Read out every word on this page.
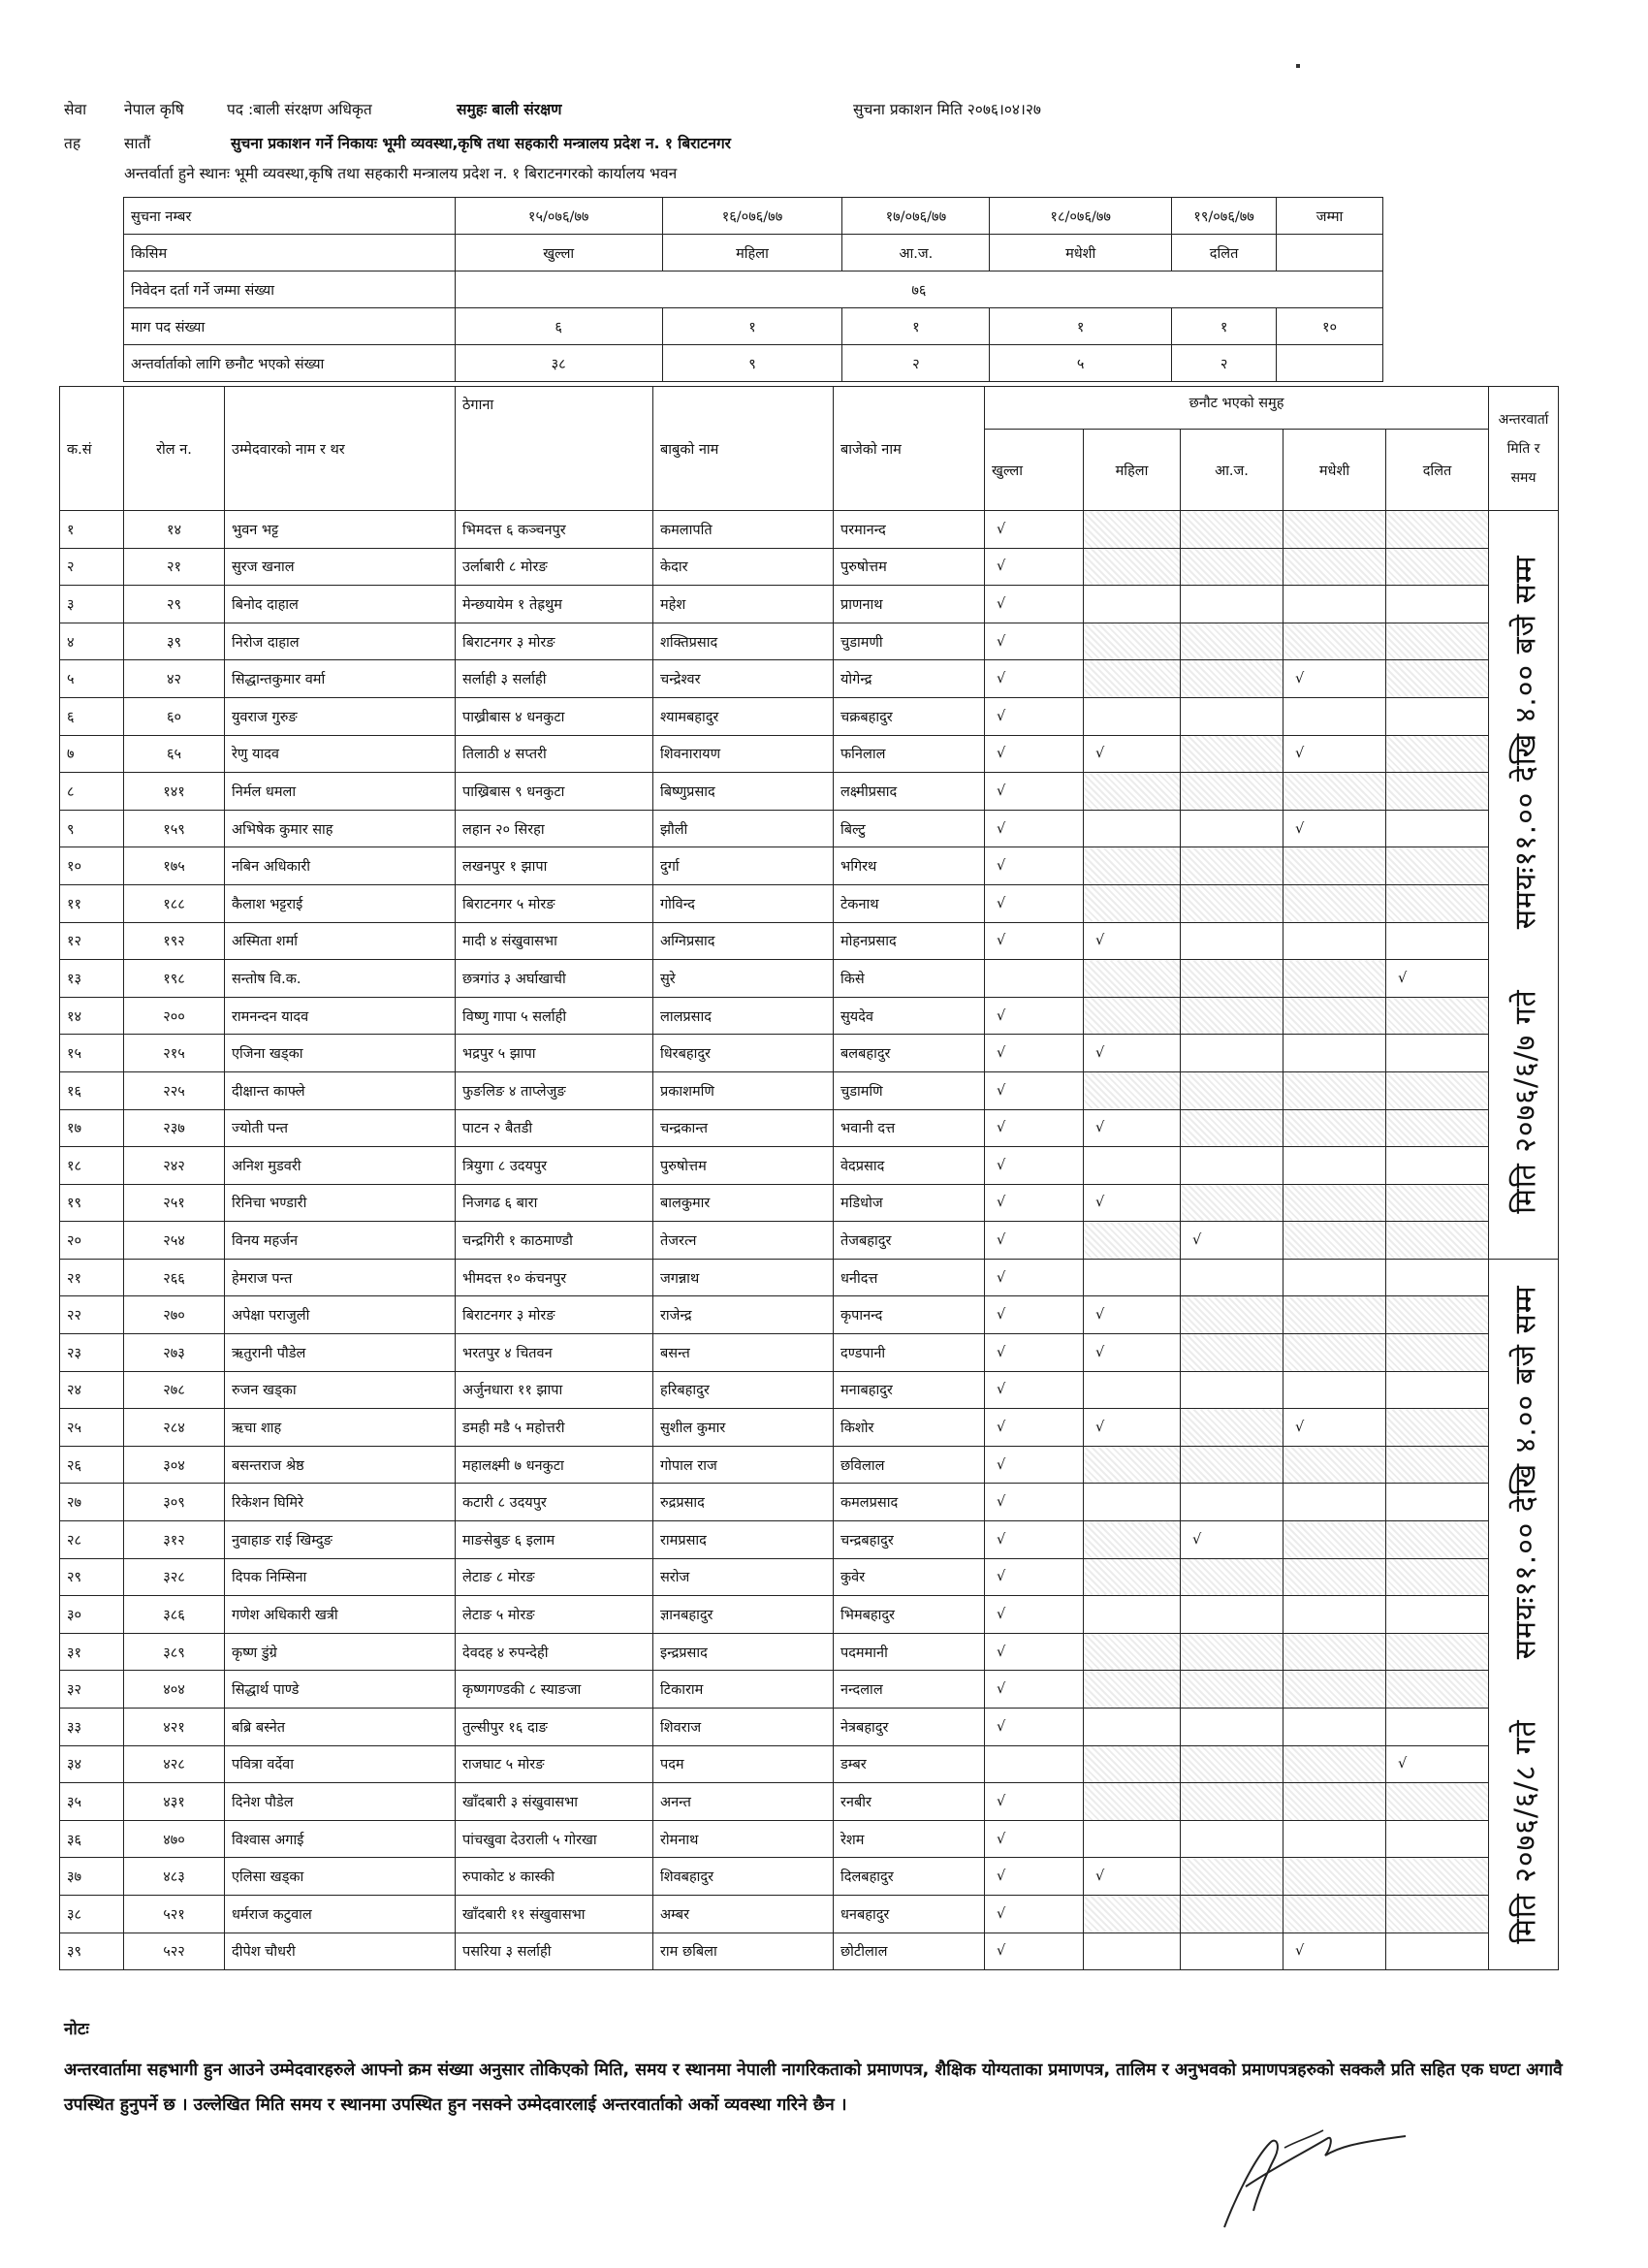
सेवा	नेपाल कृषि	पद :बाली संरक्षण अधिकृत	समुहः बाली संरक्षण	सुचना प्रकाशन मिति २०७६।०४।२७
तह	सातौं	सुचना प्रकाशन गर्ने निकायः भूमी व्यवस्था,कृषि तथा सहकारी मन्त्रालय प्रदेश न. १ बिराटनगर
अन्तर्वार्ता हुने स्थानः भूमी व्यवस्था,कृषि तथा सहकारी मन्त्रालय प्रदेश न. १ बिराटनगरको कार्यालय भवन
सुचना नम्बर	१५/०७६/७७	१६/०७६/७७	१७/०७६/७७	१८/०७६/७७	१९/०७६/७७	जम्मा
किसिम	खुल्ला	महिला	आ.ज.	मधेशी	दलित	
निवेदन दर्ता गर्ने जम्मा संख्या	७६					
माग पद संख्या	६	१	१	१	१	१०
अन्तर्वार्ताको लागि छनौट भएको संख्या	३८	९	२	५	२	
क.सं	रोल न.	उम्मेदवारको नाम र थर	ठेगाना	बाबुको नाम	बाजेको नाम	छनौट भएको समुह					अन्तरवार्ता मिति र समय
						खुल्ला	महिला	आ.ज.	मधेशी	दलित	
१	१४	भुवन भट्ट	भिमदत्त ६ कञ्चनपुर	कमलापति	परमानन्द	√					मिति २०७६/६/७ गते  समयः११.०० देखि ४.०० बजे सम्म

२	२१	सुरज खनाल	उर्लाबारी ८ मोरङ	केदार	पुरुषोत्तम	√					
३	२९	बिनोद दाहाल	मेन्छयायेम १ तेह्रथुम	महेश	प्राणनाथ	√					
४	३९	निरोज दाहाल	बिराटनगर ३ मोरङ	शक्तिप्रसाद	चुडामणी	√					
५	४२	सिद्धान्तकुमार वर्मा	सर्लाही ३ सर्लाही	चन्द्रेश्वर	योगेन्द्र	√			√		
६	६०	युवराज गुरुङ	पाख्रीबास ४ धनकुटा	श्यामबहादुर	चक्रबहादुर	√					
७	६५	रेणु यादव	तिलाठी ४ सप्तरी	शिवनारायण	फनिलाल	√	√		√		
८	१४१	निर्मल धमला	पाख्रिबास ९ धनकुटा	बिष्णुप्रसाद	लक्ष्मीप्रसाद	√					
९	१५९	अभिषेक कुमार साह	लहान २० सिरहा	झौली	बिल्टु	√			√		
१०	१७५	नबिन अधिकारी	लखनपुर १ झापा	दुर्गा	भगिरथ	√					
११	१८८	कैलाश भट्टराई	बिराटनगर ५ मोरङ	गोविन्द	टेकनाथ	√					
१२	१९२	अस्मिता शर्मा	मादी ४ संखुवासभा	अग्निप्रसाद	मोहनप्रसाद	√	√				
१३	१९८	सन्तोष वि.क.	छत्रगांउ ३ अर्घाखाची	सुरे	किसे					√	
१४	२००	रामनन्दन यादव	विष्णु गापा ५ सर्लाही	लालप्रसाद	सुयदेव	√					
१५	२१५	एजिना खड्का	भद्रपुर ५ झापा	धिरबहादुर	बलबहादुर	√	√				
१६	२२५	दीक्षान्त काफ्ले	फुङलिङ ४ ताप्लेजुङ	प्रकाशमणि	चुडामणि	√					
१७	२३७	ज्योती पन्त	पाटन २ बैतडी	चन्द्रकान्त	भवानी दत्त	√	√				
१८	२४२	अनिश मुडवरी	त्रियुगा ८ उदयपुर	पुरुषोत्तम	वेदप्रसाद	√					
१९	२५१	रिनिचा भण्डारी	निजगढ ६ बारा	बालकुमार	मडिधोज	√	√				
२०	२५४	विनय महर्जन	चन्द्रगिरी १ काठमाण्डौ	तेजरत्न	तेजबहादुर	√		√			
२१	२६६	हेमराज पन्त	भीमदत्त १० कंचनपुर	जगन्नाथ	धनीदत्त	√					मिति २०७६/६/८ गते  समयः११.०० देखि ४.०० बजे सम्म

२२	२७०	अपेक्षा पराजुली	बिराटनगर ३ मोरङ	राजेन्द्र	कृपानन्द	√	√				
२३	२७३	ऋतुरानी पौडेल	भरतपुर ४ चितवन	बसन्त	दण्डपानी	√	√				
२४	२७८	रुजन खड्का	अर्जुनधारा ११ झापा	हरिबहादुर	मनाबहादुर	√					
२५	२८४	ऋचा शाह	डमही मडै ५ महोत्तरी	सुशील कुमार	किशोर	√	√		√		
२६	३०४	बसन्तराज श्रेष्ठ	महालक्ष्मी ७ धनकुटा	गोपाल राज	छविलाल	√					
२७	३०९	रिकेशन घिमिरे	कटारी ८ उदयपुर	रुद्रप्रसाद	कमलप्रसाद	√					
२८	३१२	नुवाहाङ राई खिम्दुङ	माङसेबुङ ६ इलाम	रामप्रसाद	चन्द्रबहादुर	√		√			
२९	३२८	दिपक निम्सिना	लेटाङ ८ मोरङ	सरोज	कुवेर	√					
३०	३८६	गणेश अधिकारी खत्री	लेटाङ ५ मोरङ	ज्ञानबहादुर	भिमबहादुर	√					
३१	३८९	कृष्ण डुंग्रे	देवदह ४ रुपन्देही	इन्द्रप्रसाद	पदममानी	√					
३२	४०४	सिद्धार्थ पाण्डे	कृष्णगण्डकी ८ स्याङजा	टिकाराम	नन्दलाल	√					
३३	४२१	बब्रि बस्नेत	तुल्सीपुर १६ दाङ	शिवराज	नेत्रबहादुर	√					
३४	४२८	पवित्रा वर्देवा	राजघाट ५ मोरङ	पदम	डम्बर					√	
३५	४३१	दिनेश पौडेल	खाँदबारी ३ संखुवासभा	अनन्त	रनबीर	√					
३६	४७०	विश्वास अगाई	पांचखुवा देउराली ५ गोरखा	रोमनाथ	रेशम	√					
३७	४८३	एलिसा खड्का	रुपाकोट ४ कास्की	शिवबहादुर	दिलबहादुर	√	√				
३८	५२१	धर्मराज कटुवाल	खाँदबारी ११ संखुवासभा	अम्बर	धनबहादुर	√					
३९	५२२	दीपेश चौधरी	पसरिया ३ सर्लाही	राम छबिला	छोटीलाल	√			√		
नोटः

अन्तरवार्तामा सहभागी हुन आउने उम्मेदवारहरुले आफ्नो क्रम संख्या अनुसार तोकिएको मिति, समय र स्थानमा नेपाली नागरिकताको प्रमाणपत्र, शैक्षिक योग्यताका प्रमाणपत्र, तालिम र अनुभवको प्रमाणपत्रहरुको सक्कलै प्रति सहित एक घण्टा अगावै उपस्थित हुनुपर्ने छ । उल्लेखित मिति समय र स्थानमा उपस्थित हुन नसक्ने उम्मेदवारलाई अन्तरवार्ताको अर्को व्यवस्था गरिने छैन ।
